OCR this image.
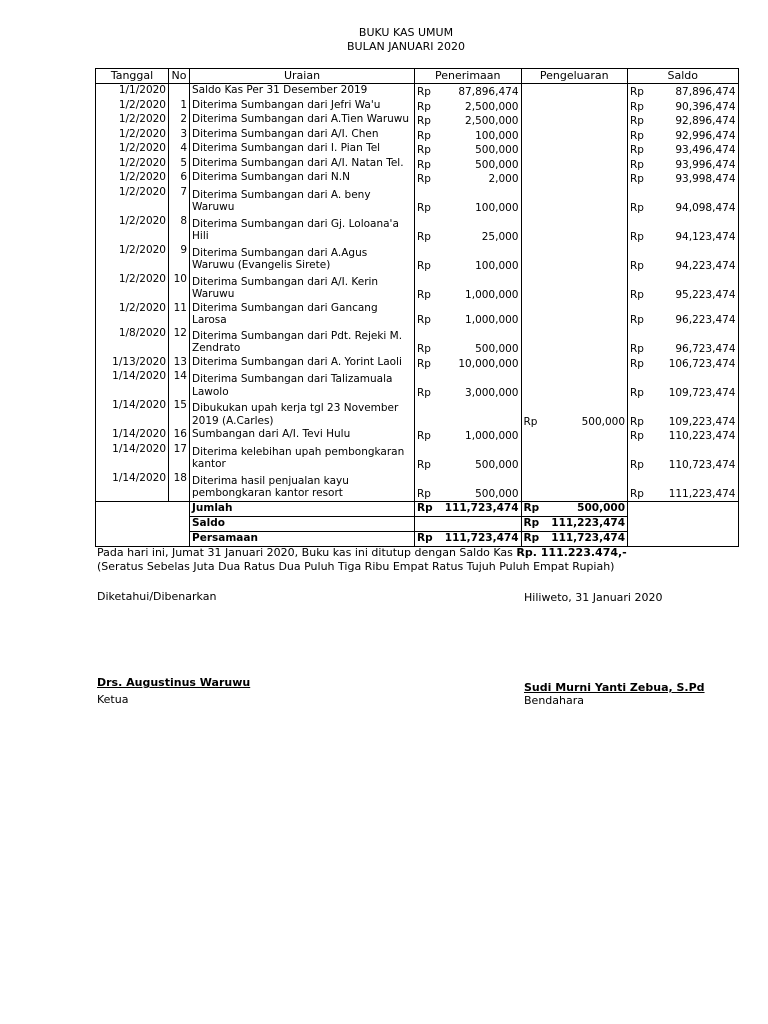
BUKU KAS UMUM
BULAN JANUARI 2020
Tanggal	No	Uraian	Penerimaan		Pengeluaran		Saldo	
1/1/2020		Saldo Kas Per 31 Desember 2019	Rp	87,896,474			Rp	87,896,474
1/2/2020	1	Diterima Sumbangan dari Jefri Wa'u	Rp	2,500,000			Rp	90,396,474
1/2/2020	2	Diterima Sumbangan dari A.Tien Waruwu	Rp	2,500,000			Rp	92,896,474
1/2/2020	3	Diterima Sumbangan dari A/I. Chen	Rp	100,000			Rp	92,996,474
1/2/2020	4	Diterima Sumbangan dari I. Pian Tel	Rp	500,000			Rp	93,496,474
1/2/2020	5	Diterima Sumbangan dari A/I. Natan Tel.	Rp	500,000			Rp	93,996,474
1/2/2020	6	Diterima Sumbangan dari N.N	Rp	2,000			Rp	93,998,474
1/2/2020	7	Diterima Sumbangan dari A. beny
Waruwu	Rp	100,000			Rp	94,098,474
1/2/2020	8	Diterima Sumbangan dari Gj. Loloana'a
Hili	Rp	25,000			Rp	94,123,474
1/2/2020	9	Diterima Sumbangan dari A.Agus
Waruwu (Evangelis Sirete)	Rp	100,000			Rp	94,223,474
1/2/2020	10	Diterima Sumbangan dari A/I. Kerin
Waruwu	Rp	1,000,000			Rp	95,223,474
1/2/2020	11	Diterima Sumbangan dari Gancang Larosa	Rp	1,000,000			Rp	96,223,474
1/8/2020	12	Diterima Sumbangan dari Pdt. Rejeki M.
Zendrato	Rp	500,000			Rp	96,723,474
1/13/2020	13	Diterima Sumbangan dari A. Yorint Laoli	Rp	10,000,000			Rp	106,723,474
1/14/2020	14	Diterima Sumbangan dari Talizamuala
Lawolo	Rp	3,000,000			Rp	109,723,474
1/14/2020	15	Dibukukan upah kerja tgl 23 November
2019 (A.Carles)			Rp	500,000	Rp	109,223,474
1/14/2020	16	Sumbangan dari A/I. Tevi Hulu	Rp	1,000,000			Rp	110,223,474
1/14/2020	17	Diterima kelebihan upah pembongkaran
kantor	Rp	500,000			Rp	110,723,474
1/14/2020	18	Diterima hasil penjualan kayu
pembongkaran kantor resort	Rp	500,000			Rp	111,223,474
		Jumlah	Rp	111,723,474	Rp	500,000		
		Saldo			Rp	111,223,474		
		Persamaan	Rp	111,723,474	Rp	111,723,474		
Pada hari ini, Jumat 31 Januari 2020, Buku kas ini ditutup dengan Saldo Kas Rp. 111.223.474,-
(Seratus Sebelas Juta Dua Ratus Dua Puluh Tiga Ribu Empat Ratus Tujuh Puluh Empat Rupiah)
Diketahui/Dibenarkan	Hiliweto, 31 Januari 2020
Drs. Augustinus Waruwu
Ketua
Sudi Murni Yanti Zebua, S.Pd
Bendahara
